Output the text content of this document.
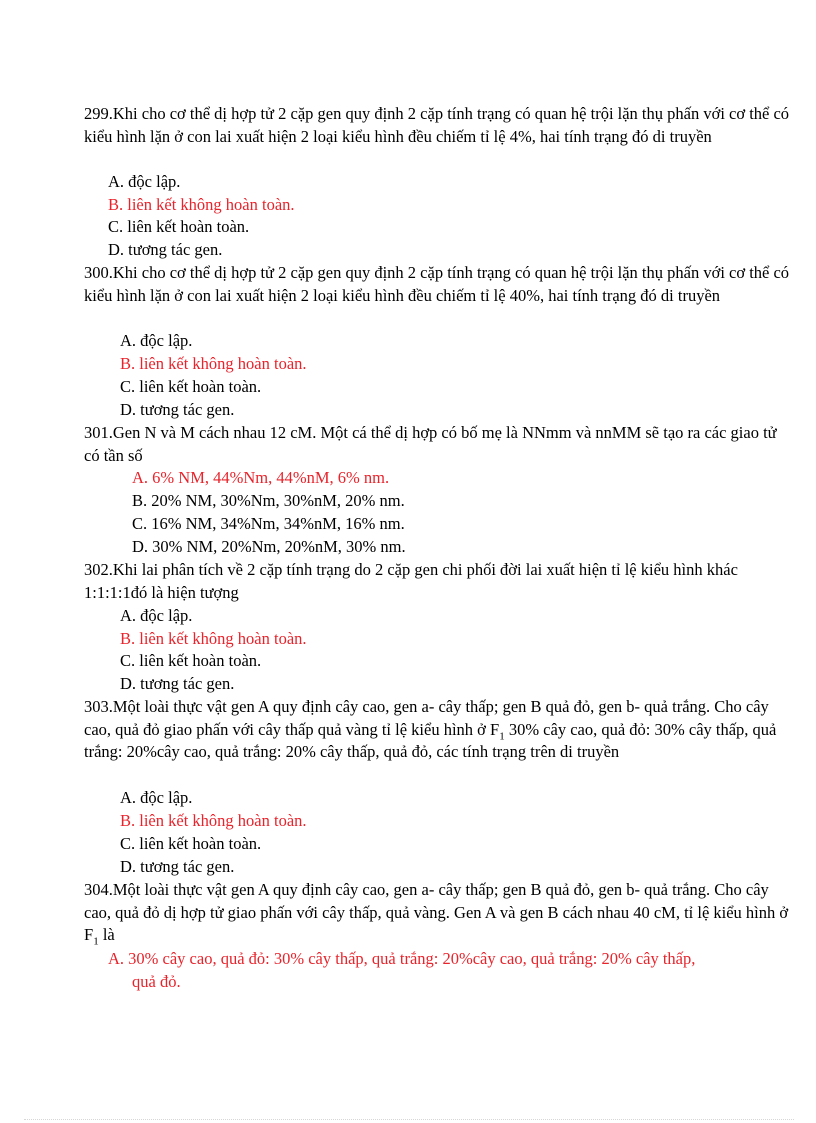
299.Khi cho cơ thể dị hợp tử 2 cặp gen quy định 2 cặp tính trạng có quan hệ trội lặn thụ phấn với cơ thể có kiểu hình lặn ở con lai xuất hiện 2 loại kiểu hình đều chiếm tỉ lệ 4%, hai tính trạng đó di truyền

A. độc lập.
B. liên kết không hoàn toàn.
C. liên kết hoàn toàn.
D. tương tác gen.

300.Khi cho cơ thể dị hợp tử 2 cặp gen quy định 2 cặp tính trạng có quan hệ trội lặn thụ phấn với cơ thể có kiểu hình lặn ở con lai xuất hiện 2 loại kiểu hình đều chiếm tỉ lệ 40%, hai tính trạng đó di truyền

A. độc lập.
B. liên kết không hoàn toàn.
C. liên kết hoàn toàn.
D. tương tác gen.

301.Gen N và M cách nhau 12 cM. Một cá thể dị hợp có bố mẹ là NNmm và nnMM sẽ tạo ra các giao tử có tần số

A. 6% NM, 44%Nm, 44%nM, 6% nm.
B. 20% NM, 30%Nm, 30%nM, 20% nm.
C. 16% NM, 34%Nm, 34%nM, 16% nm.
D. 30% NM, 20%Nm, 20%nM, 30% nm.

302.Khi lai phân tích về 2 cặp tính trạng do 2 cặp gen chi phối đời lai xuất hiện tỉ lệ kiểu hình khác 1:1:1:1đó là hiện tượng

A. độc lập.
B. liên kết không hoàn toàn.
C. liên kết hoàn toàn.
D. tương tác gen.

303.Một loài thực vật gen A quy định cây cao, gen a- cây thấp; gen B quả đỏ, gen b- quả trắng. Cho cây cao, quả đỏ giao phấn với cây thấp quả vàng tỉ lệ kiểu hình ở $F_1$ 30% cây cao, quả đỏ: 30% cây thấp, quả trắng: 20%cây cao, quả trắng: 20% cây thấp, quả đỏ, các tính trạng trên di truyền

A. độc lập.
B. liên kết không hoàn toàn.
C. liên kết hoàn toàn.
D. tương tác gen.

304.Một loài thực vật gen A quy định cây cao, gen a- cây thấp; gen B quả đỏ, gen b- quả trắng. Cho cây cao, quả đỏ dị hợp tử giao phấn với cây thấp, quả vàng. Gen A và gen B cách nhau 40 cM, tỉ lệ kiểu hình ở $F_1$ là

A. 30% cây cao, quả đỏ: 30% cây thấp, quả trắng: 20%cây cao, quả trắng: 20% cây thấp,
quả đỏ.
